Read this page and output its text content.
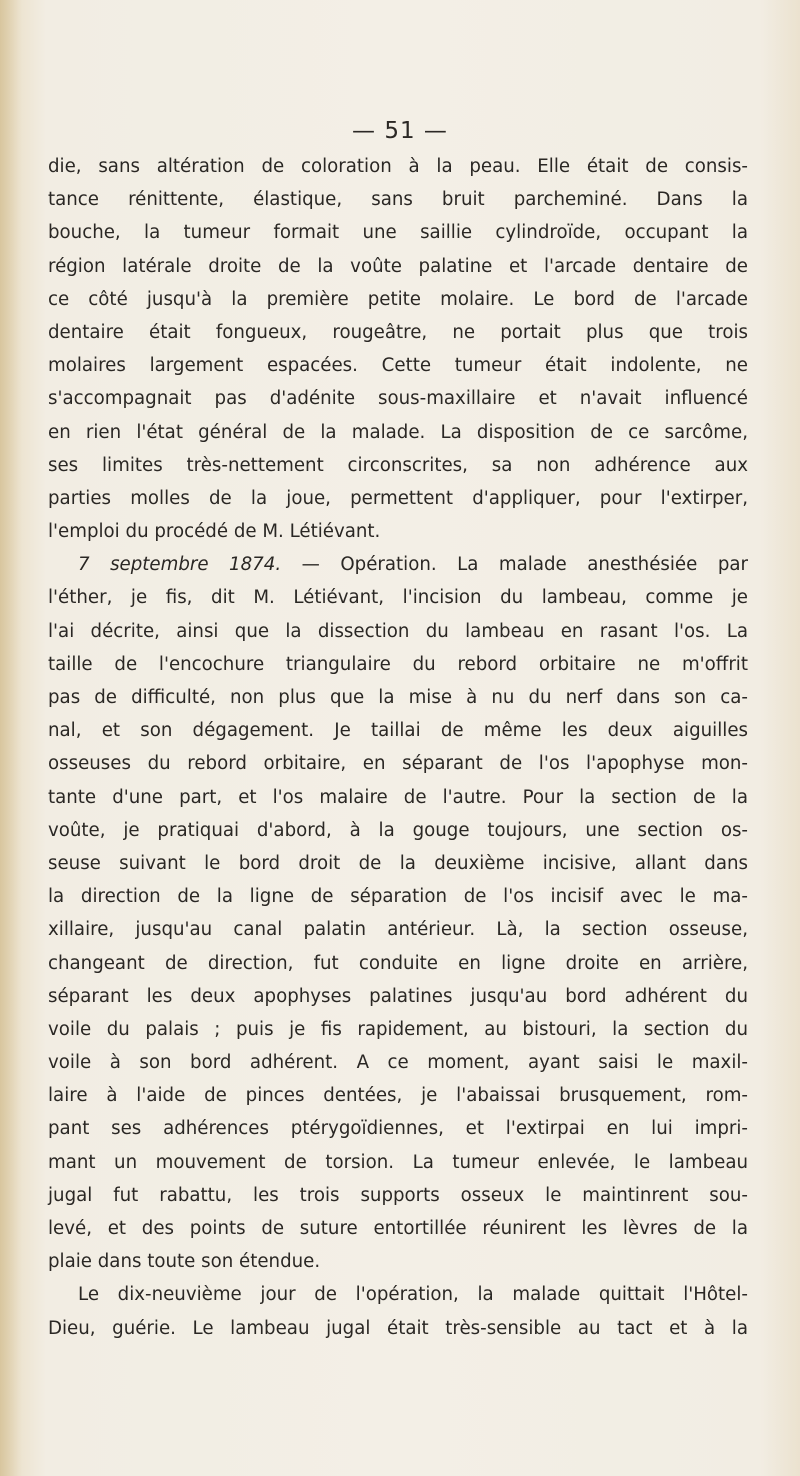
— 51 —
die, sans altération de coloration à la peau. Elle était de consis-
tance rénittente, élastique, sans bruit parcheminé. Dans la
bouche, la tumeur formait une saillie cylindroïde, occupant la
région latérale droite de la voûte palatine et l'arcade dentaire de
ce côté jusqu'à la première petite molaire. Le bord de l'arcade
dentaire était fongueux, rougeâtre, ne portait plus que trois
molaires largement espacées. Cette tumeur était indolente, ne
s'accompagnait pas d'adénite sous-maxillaire et n'avait influencé
en rien l'état général de la malade. La disposition de ce sarcôme,
ses limites très-nettement circonscrites, sa non adhérence aux
parties molles de la joue, permettent d'appliquer, pour l'extirper,
l'emploi du procédé de M. Létiévant.
7 septembre 1874. — Opération. La malade anesthésiée par
l'éther, je fis, dit M. Létiévant, l'incision du lambeau, comme je
l'ai décrite, ainsi que la dissection du lambeau en rasant l'os. La
taille de l'encochure triangulaire du rebord orbitaire ne m'offrit
pas de difficulté, non plus que la mise à nu du nerf dans son ca-
nal, et son dégagement. Je taillai de même les deux aiguilles
osseuses du rebord orbitaire, en séparant de l'os l'apophyse mon-
tante d'une part, et l'os malaire de l'autre. Pour la section de la
voûte, je pratiquai d'abord, à la gouge toujours, une section os-
seuse suivant le bord droit de la deuxième incisive, allant dans
la direction de la ligne de séparation de l'os incisif avec le ma-
xillaire, jusqu'au canal palatin antérieur. Là, la section osseuse,
changeant de direction, fut conduite en ligne droite en arrière,
séparant les deux apophyses palatines jusqu'au bord adhérent du
voile du palais ; puis je fis rapidement, au bistouri, la section du
voile à son bord adhérent. A ce moment, ayant saisi le maxil-
laire à l'aide de pinces dentées, je l'abaissai brusquement, rom-
pant ses adhérences ptérygoïdiennes, et l'extirpai en lui impri-
mant un mouvement de torsion. La tumeur enlevée, le lambeau
jugal fut rabattu, les trois supports osseux le maintinrent sou-
levé, et des points de suture entortillée réunirent les lèvres de la
plaie dans toute son étendue.
Le dix-neuvième jour de l'opération, la malade quittait l'Hôtel-
Dieu, guérie. Le lambeau jugal était très-sensible au tact et à la
